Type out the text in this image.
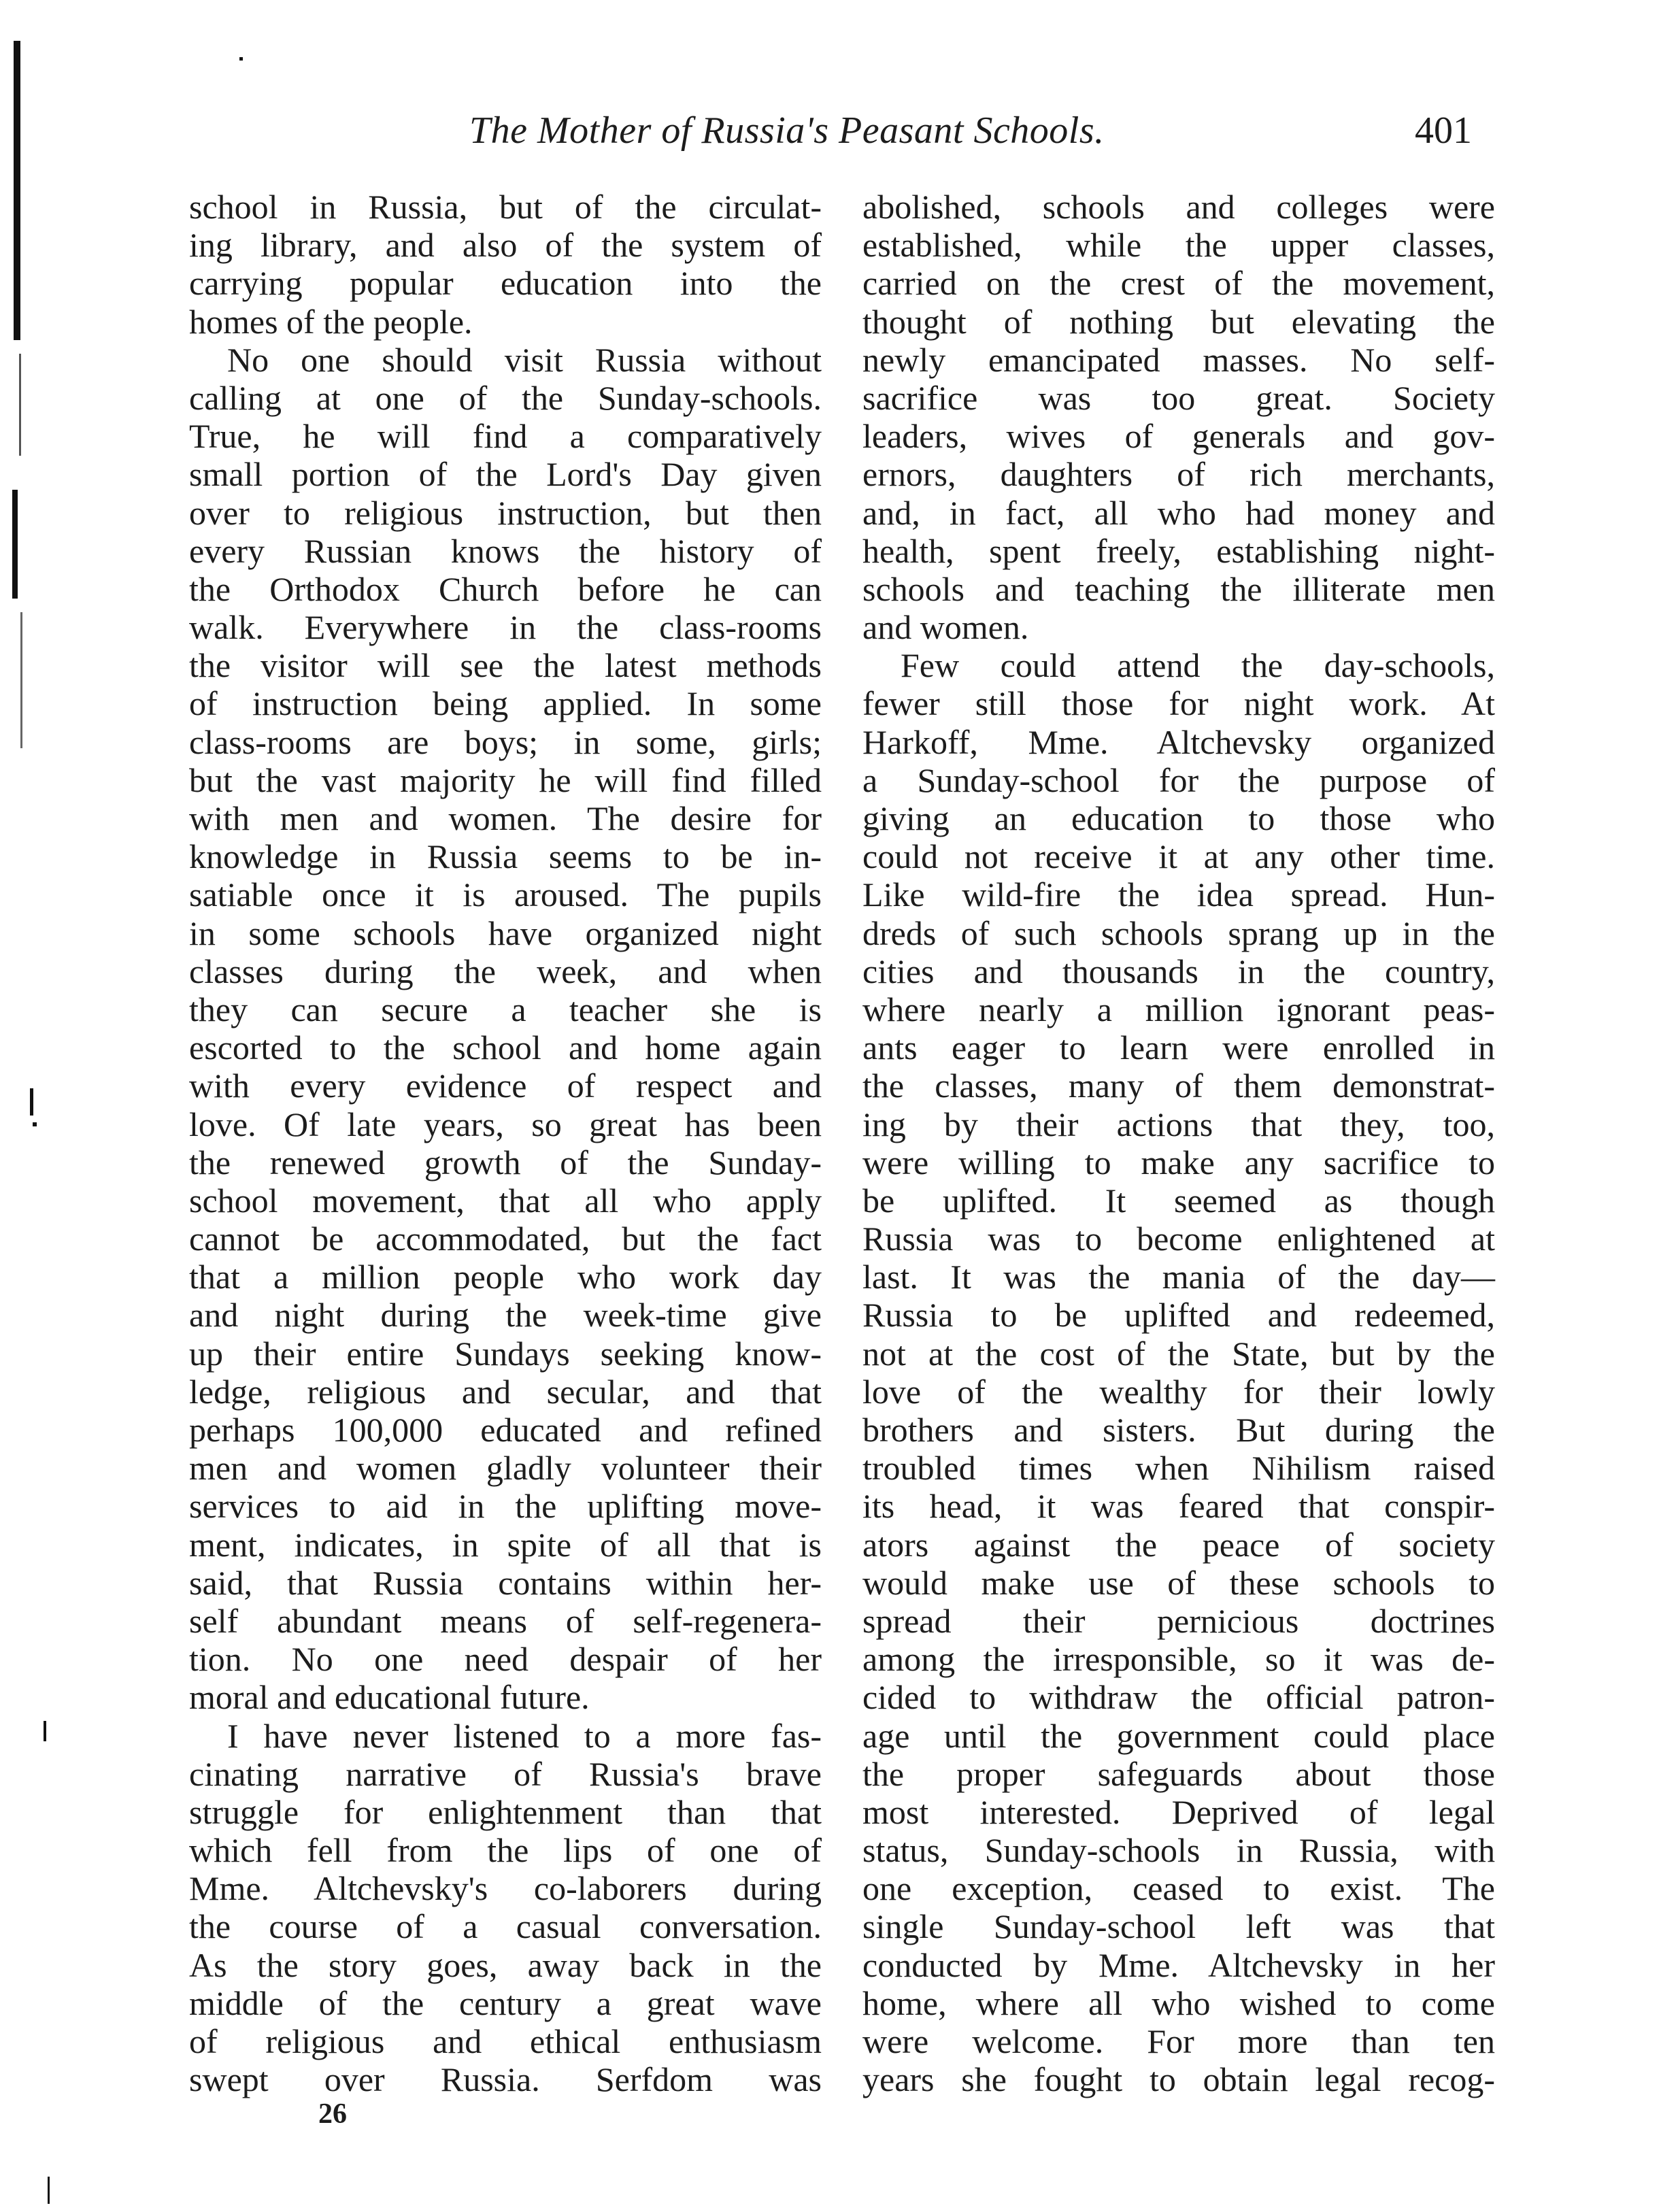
The Mother of Russia's Peasant Schools.	401
school in Russia, but of the circulat-
ing library, and also of the system of
carrying popular education into the
homes of the people.
No one should visit Russia without
calling at one of the Sunday-schools.
True, he will find a comparatively
small portion of the Lord's Day given
over to religious instruction, but then
every Russian knows the history of
the Orthodox Church before he can
walk. Everywhere in the class-rooms
the visitor will see the latest methods
of instruction being applied. In some
class-rooms are boys; in some, girls;
but the vast majority he will find filled
with men and women. The desire for
knowledge in Russia seems to be in-
satiable once it is aroused. The pupils
in some schools have organized night
classes during the week, and when
they can secure a teacher she is
escorted to the school and home again
with every evidence of respect and
love. Of late years, so great has been
the renewed growth of the Sunday-
school movement, that all who apply
cannot be accommodated, but the fact
that a million people who work day
and night during the week-time give
up their entire Sundays seeking know-
ledge, religious and secular, and that
perhaps 100,000 educated and refined
men and women gladly volunteer their
services to aid in the uplifting move-
ment, indicates, in spite of all that is
said, that Russia contains within her-
self abundant means of self-regenera-
tion. No one need despair of her
moral and educational future.
I have never listened to a more fas-
cinating narrative of Russia's brave
struggle for enlightenment than that
which fell from the lips of one of
Mme. Altchevsky's co-laborers during
the course of a casual conversation.
As the story goes, away back in the
middle of the century a great wave
of religious and ethical enthusiasm
swept over Russia. Serfdom was
abolished, schools and colleges were
established, while the upper classes,
carried on the crest of the movement,
thought of nothing but elevating the
newly emancipated masses. No self-
sacrifice was too great. Society
leaders, wives of generals and gov-
ernors, daughters of rich merchants,
and, in fact, all who had money and
health, spent freely, establishing night-
schools and teaching the illiterate men
and women.
Few could attend the day-schools,
fewer still those for night work. At
Harkoff, Mme. Altchevsky organized
a Sunday-school for the purpose of
giving an education to those who
could not receive it at any other time.
Like wild-fire the idea spread. Hun-
dreds of such schools sprang up in the
cities and thousands in the country,
where nearly a million ignorant peas-
ants eager to learn were enrolled in
the classes, many of them demonstrat-
ing by their actions that they, too,
were willing to make any sacrifice to
be uplifted. It seemed as though
Russia was to become enlightened at
last. It was the mania of the day—
Russia to be uplifted and redeemed,
not at the cost of the State, but by the
love of the wealthy for their lowly
brothers and sisters. But during the
troubled times when Nihilism raised
its head, it was feared that conspir-
ators against the peace of society
would make use of these schools to
spread their pernicious doctrines
among the irresponsible, so it was de-
cided to withdraw the official patron-
age until the government could place
the proper safeguards about those
most interested. Deprived of legal
status, Sunday-schools in Russia, with
one exception, ceased to exist. The
single Sunday-school left was that
conducted by Mme. Altchevsky in her
home, where all who wished to come
were welcome. For more than ten
years she fought to obtain legal recog-
26
